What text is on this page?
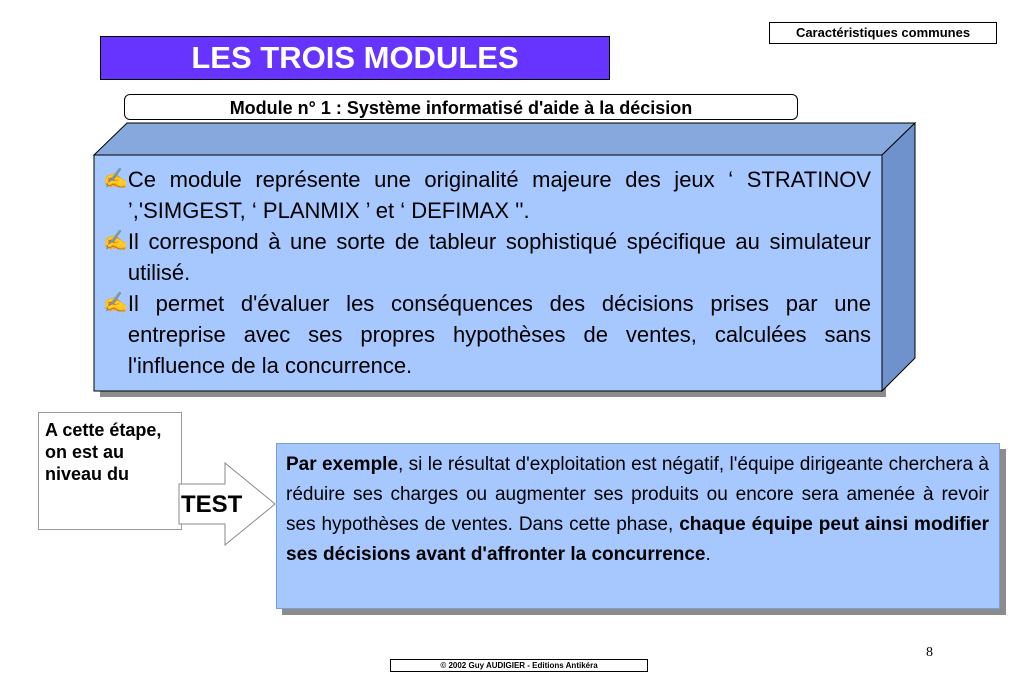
Caractéristiques communes
LES TROIS MODULES
Module n° 1 : Système informatisé d'aide à la décision
✍ Ce module représente une originalité majeure des jeux ‘ STRATINOV ’,'SIMGEST, ‘ PLANMIX ’ et ‘ DEFIMAX ''.
✍ Il correspond à une sorte de tableur sophistiqué spécifique au simulateur utilisé.
✍ Il permet d'évaluer les conséquences des décisions prises par une entreprise avec ses propres hypothèses de ventes, calculées sans l'influence de la concurrence.
A cette étape, on est au niveau du
TEST

Par exemple, si le résultat d'exploitation est négatif, l'équipe dirigeante cherchera à réduire ses charges ou augmenter ses produits ou encore sera amenée à revoir ses hypothèses de ventes. Dans cette phase, chaque équipe peut ainsi modifier ses décisions avant d'affronter la concurrence.

8
© 2002 Guy AUDIGIER - Editions Antikéra
